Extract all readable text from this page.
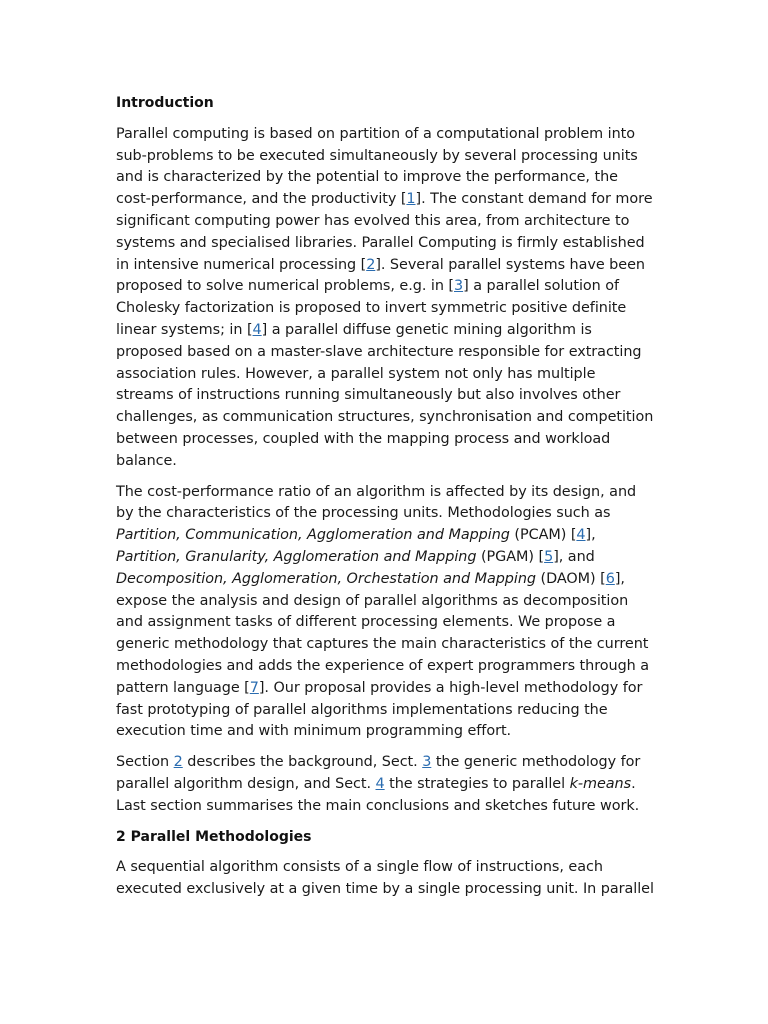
Introduction

Parallel computing is based on partition of a computational problem into sub-problems to be executed simultaneously by several processing units and is characterized by the potential to improve the performance, the cost-performance, and the productivity [1]. The constant demand for more significant computing power has evolved this area, from architecture to systems and specialised libraries. Parallel Computing is firmly established in intensive numerical processing [2]. Several parallel systems have been proposed to solve numerical problems, e.g. in [3] a parallel solution of Cholesky factorization is proposed to invert symmetric positive definite linear systems; in [4] a parallel diffuse genetic mining algorithm is proposed based on a master-slave architecture responsible for extracting association rules. However, a parallel system not only has multiple streams of instructions running simultaneously but also involves other challenges, as communication structures, synchronisation and competition between processes, coupled with the mapping process and workload balance.

The cost-performance ratio of an algorithm is affected by its design, and by the characteristics of the processing units. Methodologies such as Partition, Communication, Agglomeration and Mapping (PCAM) [4], Partition, Granularity, Agglomeration and Mapping (PGAM) [5], and Decomposition, Agglomeration, Orchestation and Mapping (DAOM) [6], expose the analysis and design of parallel algorithms as decomposition and assignment tasks of different processing elements. We propose a generic methodology that captures the main characteristics of the current methodologies and adds the experience of expert programmers through a pattern language [7]. Our proposal provides a high-level methodology for fast prototyping of parallel algorithms implementations reducing the execution time and with minimum programming effort.

Section 2 describes the background, Sect. 3 the generic methodology for parallel algorithm design, and Sect. 4 the strategies to parallel k-means. Last section summarises the main conclusions and sketches future work.

2 Parallel Methodologies

A sequential algorithm consists of a single flow of instructions, each executed exclusively at a given time by a single processing unit. In parallel
